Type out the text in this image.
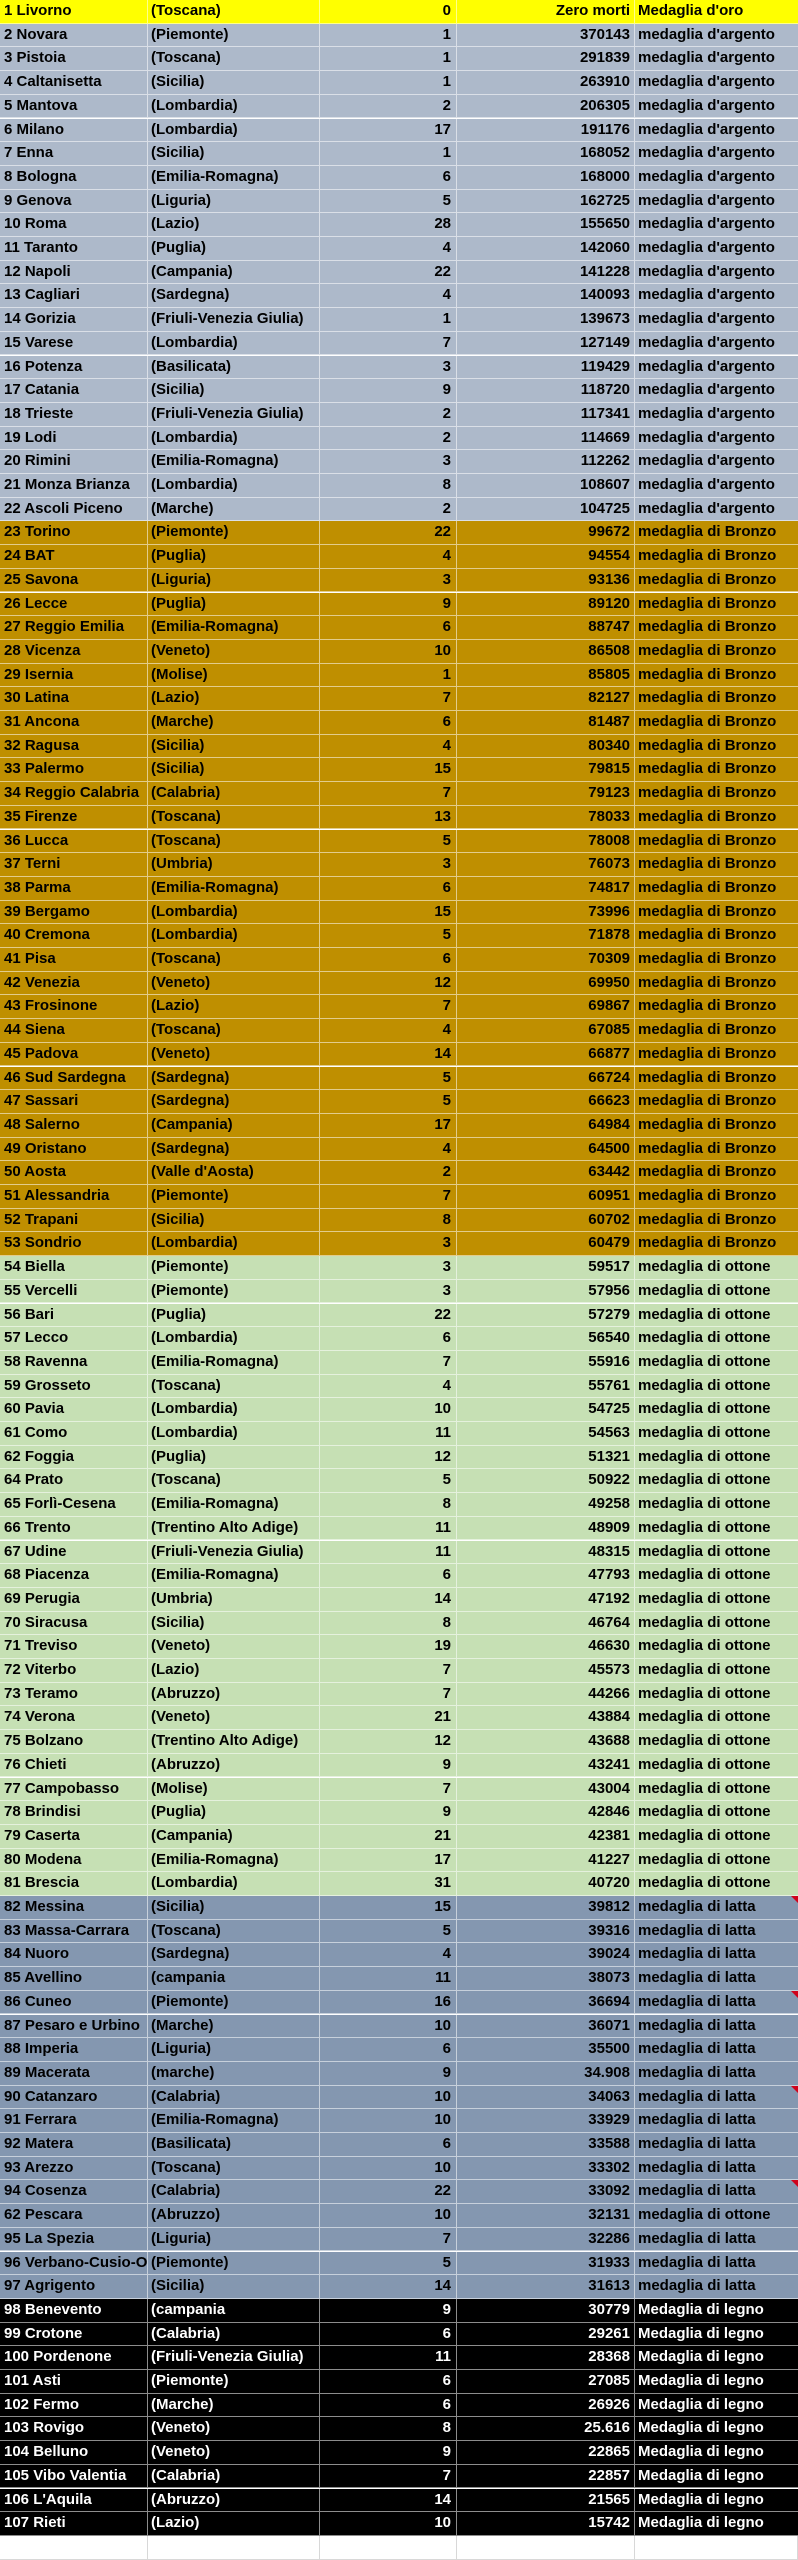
1 Livorno	(Toscana)	0	Zero morti Medaglia d'oro
2 Novara	(Piemonte)	1	370143 medaglia d'argento
3 Pistoia	(Toscana)	1	291839 medaglia d'argento
4 Caltanisetta	(Sicilia)	1	263910 medaglia d'argento
5 Mantova	(Lombardia)	2	206305 medaglia d'argento
6 Milano	(Lombardia)	17	191176 medaglia d'argento
7 Enna	(Sicilia)	1	168052 medaglia d'argento
8 Bologna	(Emilia-Romagna)	6	168000 medaglia d'argento
9 Genova	(Liguria)	5	162725 medaglia d'argento
10 Roma	(Lazio)	28	155650 medaglia d'argento
11 Taranto	(Puglia)	4	142060 medaglia d'argento
12 Napoli	(Campania)	22	141228 medaglia d'argento
13 Cagliari	(Sardegna)	4	140093 medaglia d'argento
14 Gorizia	(Friuli-Venezia Giulia)	1	139673 medaglia d'argento
15 Varese	(Lombardia)	7	127149 medaglia d'argento
16 Potenza	(Basilicata)	3	119429 medaglia d'argento
17 Catania	(Sicilia)	9	118720 medaglia d'argento
18 Trieste	(Friuli-Venezia Giulia)	2	117341 medaglia d'argento
19 Lodi	(Lombardia)	2	114669 medaglia d'argento
20 Rimini	(Emilia-Romagna)	3	112262 medaglia d'argento
21 Monza Brianza	(Lombardia)	8	108607 medaglia d'argento
22 Ascoli Piceno	(Marche)	2	104725 medaglia d'argento
23 Torino	(Piemonte)	22	99672 medaglia di Bronzo
24 BAT	(Puglia)	4	94554 medaglia di Bronzo
25 Savona	(Liguria)	3	93136 medaglia di Bronzo
26 Lecce	(Puglia)	9	89120 medaglia di Bronzo
27 Reggio Emilia	(Emilia-Romagna)	6	88747 medaglia di Bronzo
28 Vicenza	(Veneto)	10	86508 medaglia di Bronzo
29 Isernia	(Molise)	1	85805 medaglia di Bronzo
30 Latina	(Lazio)	7	82127 medaglia di Bronzo
31 Ancona	(Marche)	6	81487 medaglia di Bronzo
32 Ragusa	(Sicilia)	4	80340 medaglia di Bronzo
33 Palermo	(Sicilia)	15	79815 medaglia di Bronzo
34 Reggio Calabria (Calabria)	7	79123 medaglia di Bronzo
35 Firenze	(Toscana)	13	78033 medaglia di Bronzo
36 Lucca	(Toscana)	5	78008 medaglia di Bronzo
37 Terni	(Umbria)	3	76073 medaglia di Bronzo
38 Parma	(Emilia-Romagna)	6	74817 medaglia di Bronzo
39 Bergamo	(Lombardia)	15	73996 medaglia di Bronzo
40 Cremona	(Lombardia)	5	71878 medaglia di Bronzo
41 Pisa	(Toscana)	6	70309 medaglia di Bronzo
42 Venezia	(Veneto)	12	69950 medaglia di Bronzo
43 Frosinone	(Lazio)	7	69867 medaglia di Bronzo
44 Siena	(Toscana)	4	67085 medaglia di Bronzo
45 Padova	(Veneto)	14	66877 medaglia di Bronzo
46 Sud Sardegna	(Sardegna)	5	66724 medaglia di Bronzo
47 Sassari	(Sardegna)	5	66623 medaglia di Bronzo
48 Salerno	(Campania)	17	64984 medaglia di Bronzo
49 Oristano	(Sardegna)	4	64500 medaglia di Bronzo
50 Aosta	(Valle d'Aosta)	2	63442 medaglia di Bronzo
51 Alessandria	(Piemonte)	7	60951 medaglia di Bronzo
52 Trapani	(Sicilia)	8	60702 medaglia di Bronzo
53 Sondrio	(Lombardia)	3	60479 medaglia di Bronzo
54 Biella	(Piemonte)	3	59517 medaglia di ottone
55 Vercelli	(Piemonte)	3	57956 medaglia di ottone
56 Bari	(Puglia)	22	57279 medaglia di ottone
57 Lecco	(Lombardia)	6	56540 medaglia di ottone
58 Ravenna	(Emilia-Romagna)	7	55916 medaglia di ottone
59 Grosseto	(Toscana)	4	55761 medaglia di ottone
60 Pavia	(Lombardia)	10	54725 medaglia di ottone
61 Como	(Lombardia)	11	54563 medaglia di ottone
62 Foggia	(Puglia)	12	51321 medaglia di ottone
64 Prato	(Toscana)	5	50922 medaglia di ottone
65 Forlì-Cesena	(Emilia-Romagna)	8	49258 medaglia di ottone
66 Trento	(Trentino Alto Adige)	11	48909 medaglia di ottone
67 Udine	(Friuli-Venezia Giulia)	11	48315 medaglia di ottone
68 Piacenza	(Emilia-Romagna)	6	47793 medaglia di ottone
69 Perugia	(Umbria)	14	47192 medaglia di ottone
70 Siracusa	(Sicilia)	8	46764 medaglia di ottone
71 Treviso	(Veneto)	19	46630 medaglia di ottone
72 Viterbo	(Lazio)	7	45573 medaglia di ottone
73 Teramo	(Abruzzo)	7	44266 medaglia di ottone
74 Verona	(Veneto)	21	43884 medaglia di ottone
75 Bolzano	(Trentino Alto Adige)	12	43688 medaglia di ottone
76 Chieti	(Abruzzo)	9	43241 medaglia di ottone
77 Campobasso	(Molise)	7	43004 medaglia di ottone
78 Brindisi	(Puglia)	9	42846 medaglia di ottone
79 Caserta	(Campania)	21	42381 medaglia di ottone
80 Modena	(Emilia-Romagna)	17	41227 medaglia di ottone
81 Brescia	(Lombardia)	31	40720 medaglia di ottone
82 Messina	(Sicilia)	15	39812 medaglia di latta
83 Massa-Carrara	(Toscana)	5	39316 medaglia di latta
84 Nuoro	(Sardegna)	4	39024 medaglia di latta
85 Avellino	(campania	11	38073 medaglia di latta
86 Cuneo	(Piemonte)	16	36694 medaglia di latta
87 Pesaro e Urbino (Marche)	10	36071 medaglia di latta
88 Imperia	(Liguria)	6	35500 medaglia di latta
89 Macerata	(marche)	9	34.908 medaglia di latta
90 Catanzaro	(Calabria)	10	34063 medaglia di latta
91 Ferrara	(Emilia-Romagna)	10	33929 medaglia di latta
92 Matera	(Basilicata)	6	33588 medaglia di latta
93 Arezzo	(Toscana)	10	33302 medaglia di latta
94 Cosenza	(Calabria)	22	33092 medaglia di latta
62 Pescara	(Abruzzo)	10	32131 medaglia di ottone
95 La Spezia	(Liguria)	7	32286 medaglia di latta
96 Verbano-Cusio-O (Piemonte)	5	31933 medaglia di latta
97 Agrigento	(Sicilia)	14	31613 medaglia di latta
98 Benevento	(campania	9	30779 Medaglia di legno
99 Crotone	(Calabria)	6	29261 Medaglia di legno
100 Pordenone	(Friuli-Venezia Giulia)	11	28368 Medaglia di legno
101 Asti	(Piemonte)	6	27085 Medaglia di legno
102 Fermo	(Marche)	6	26926 Medaglia di legno
103 Rovigo	(Veneto)	8	25.616 Medaglia di legno
104 Belluno	(Veneto)	9	22865 Medaglia di legno
105 Vibo Valentia	(Calabria)	7	22857 Medaglia di legno
106 L'Aquila	(Abruzzo)	14	21565 Medaglia di legno
107 Rieti	(Lazio)	10	15742 Medaglia di legno
